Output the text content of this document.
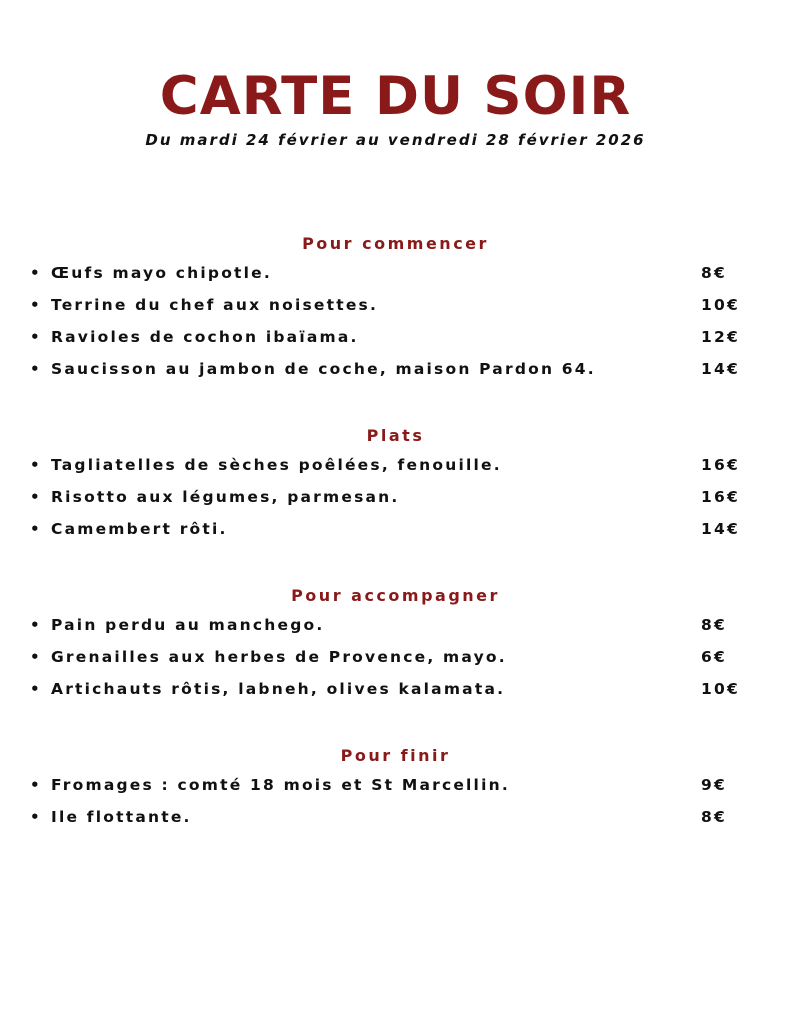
CARTE DU SOIR
Du mardi 24 février au vendredi 28 février 2026
Pour commencer
• Œufs mayo chipotle.	8€
• Terrine du chef aux noisettes.	10€
• Ravioles de cochon ibaïama.	12€
• Saucisson au jambon de coche, maison Pardon 64.	14€
Plats
• Tagliatelles de sèches poêlées, fenouille.	16€
• Risotto aux légumes, parmesan.	16€
• Camembert rôti.	14€
Pour accompagner
• Pain perdu au manchego.	8€
• Grenailles aux herbes de Provence, mayo.	6€
• Artichauts rôtis, labneh, olives kalamata.	10€
Pour finir
• Fromages : comté 18 mois et St Marcellin.	9€
• Ile flottante.	8€
